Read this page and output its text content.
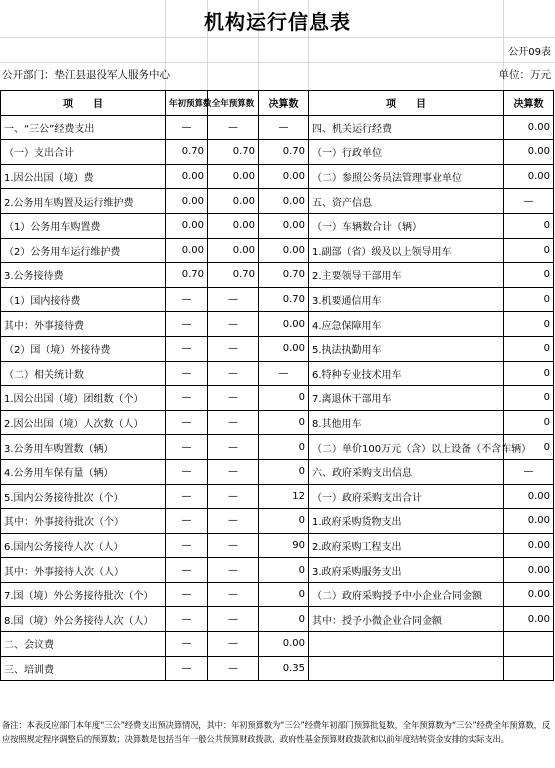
机构运行信息表
公开09表
公开部门：垫江县退役军人服务中心	单位：万元
项　　目	年初预算数	全年预算数	决算数	项　　目	决算数
一、“三公”经费支出	—	—	—	四、机关运行经费	0.00
（一）支出合计	0.70	0.70	0.70	（一）行政单位	0.00
1.因公出国（境）费	0.00	0.00	0.00	（二）参照公务员法管理事业单位	0.00
2.公务用车购置及运行维护费	0.00	0.00	0.00	五、资产信息	—
（1）公务用车购置费	0.00	0.00	0.00	（一）车辆数合计（辆）	0
（2）公务用车运行维护费	0.00	0.00	0.00	1.副部（省）级及以上领导用车	0
3.公务接待费	0.70	0.70	0.70	2.主要领导干部用车	0
（1）国内接待费	—	—	0.70	3.机要通信用车	0
其中：外事接待费	—	—	0.00	4.应急保障用车	0
（2）国（境）外接待费	—	—	0.00	5.执法执勤用车	0
（二）相关统计数	—	—	—	6.特种专业技术用车	0
1.因公出国（境）团组数（个）	—	—	0	7.离退休干部用车	0
2.因公出国（境）人次数（人）	—	—	0	8.其他用车	0
3.公务用车购置数（辆）	—	—	0	（二）单价100万元（含）以上设备（不含车辆）	0
4.公务用车保有量（辆）	—	—	0	六、政府采购支出信息	—
5.国内公务接待批次（个）	—	—	12	（一）政府采购支出合计	0.00
其中：外事接待批次（个）	—	—	0	1.政府采购货物支出	0.00
6.国内公务接待人次（人）	—	—	90	2.政府采购工程支出	0.00
其中：外事接待人次（人）	—	—	0	3.政府采购服务支出	0.00
7.国（境）外公务接待批次（个）	—	—	0	（二）政府采购授予中小企业合同金额	0.00
8.国（境）外公务接待人次（人）	—	—	0	其中：授予小微企业合同金额	0.00
二、会议费	—	—	0.00		
三、培训费	—	—	0.35		
备注：本表反应部门本年度“三公”经费支出预决算情况，其中：年初预算数为“三公”经费年初部门预算批复数，全年预算数为“三公”经费全年预算数，反应按照规定程序调整后的预算数；决算数是包括当年一般公共预算财政拨款、政府性基金预算财政拨款和以前年度结转资金安排的实际支出。
